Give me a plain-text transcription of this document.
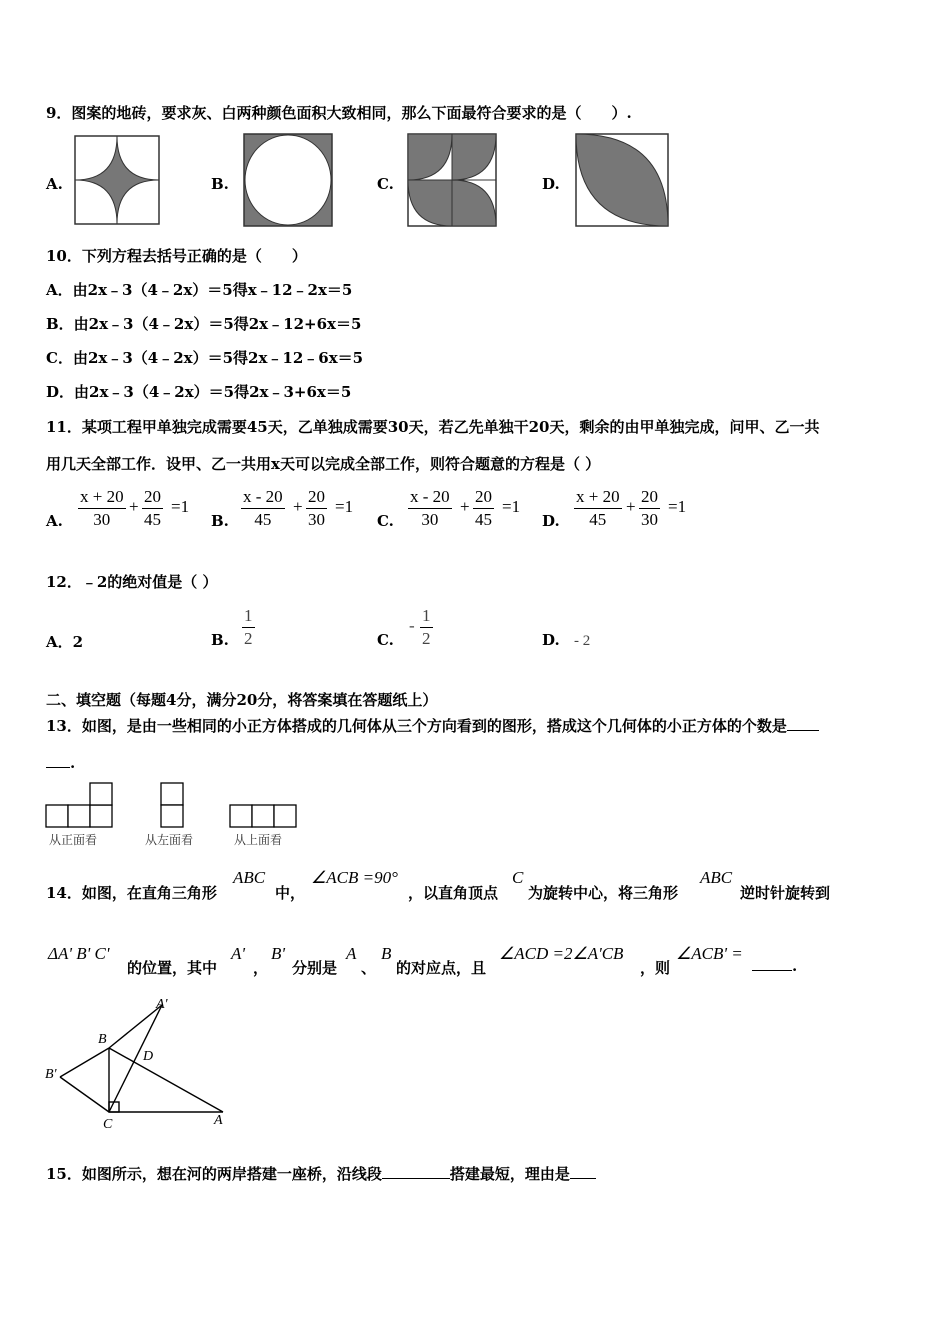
9．图案的地砖，要求灰、白两种颜色面积大致相同，那么下面最符合要求的是（　　）.
A.	B.	C.	D.
10．下列方程去括号正确的是（　　）
A．由2x﹣3（4﹣2x）＝5得x﹣12﹣2x＝5
B．由2x﹣3（4﹣2x）＝5得2x﹣12+6x＝5
C．由2x﹣3（4﹣2x）＝5得2x﹣12﹣6x＝5
D．由2x﹣3（4﹣2x）＝5得2x﹣3+6x＝5
11．某项工程甲单独完成需要45天，乙单独成需要30天，若乙先单独干20天，剩余的由甲单独完成，问甲、乙一共
用几天全部工作．设甲、乙一共用x天可以完成全部工作，则符合题意的方程是（ ）
A. $\frac{x + 20}{30} + \frac{20}{45} =1$
B. $\frac{x - 20}{45} + \frac{20}{30} =1$
C. $\frac{x - 20}{30} + \frac{20}{45} =1$
D. $\frac{x + 20}{45} + \frac{20}{30} =1$
12．﹣2的绝对值是（ ）
A．2	B. $\frac{1}{2}$	C.
- $\frac{1}{2}$	D. - 2
二、填空题（每题4分，满分20分，将答案填在答题纸上）
13．如图，是由一些相同的小正方体搭成的几何体从三个方向看到的图形，搭成这个几何体的小正方体的个数是
.
从正面看	从左面看	从上面看
14．如图，在直角三角形
ABC
中，
∠ACB =90°
，以直角顶点
C
为旋转中心，将三角形
ABC
逆时针旋转到
ΔA' B' C'
的位置，其中
A'
，
B'
分别是
A
、
B
的对应点，且
∠ACD =2∠A'CB
，则
∠ACB' =
.
A'
B
D
B'
C	A
15．如图所示，想在河的两岸搭建一座桥，沿线段	搭建最短，理由是
